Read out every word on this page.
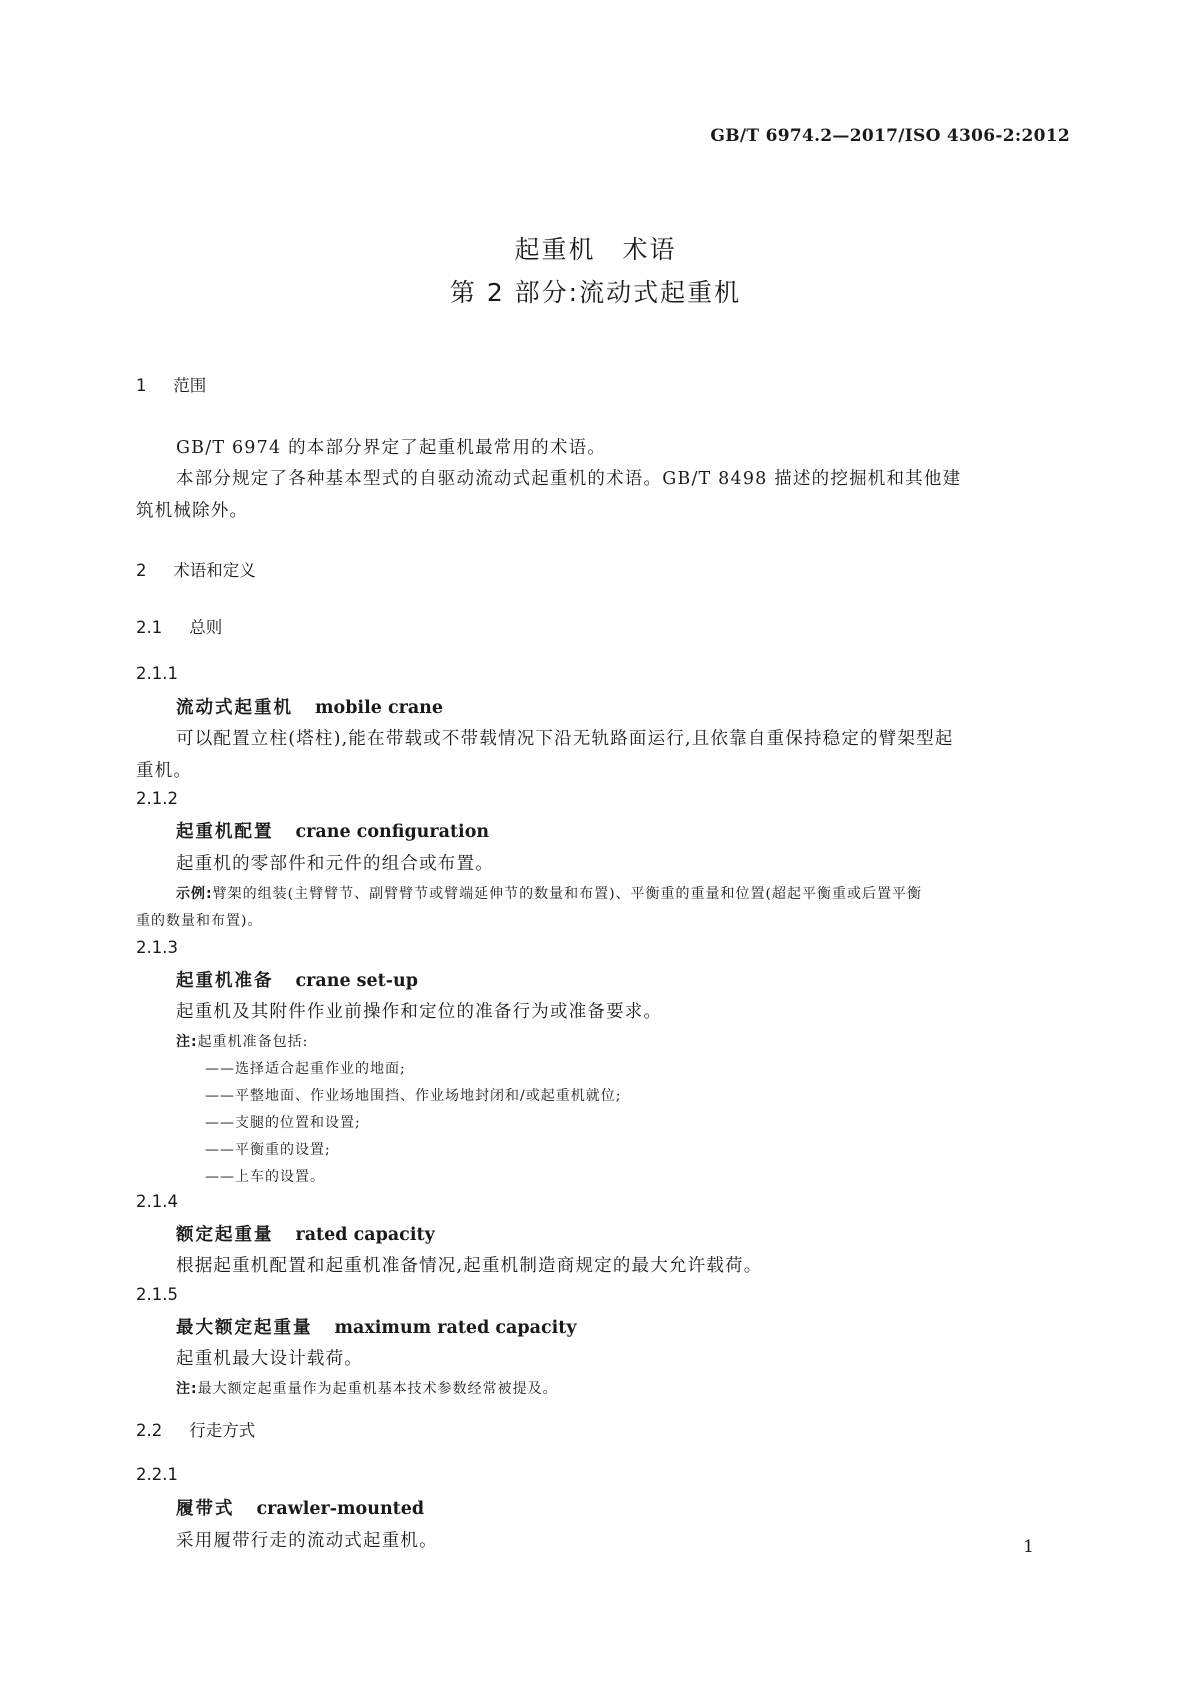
GB/T 6974.2—2017/ISO 4306-2:2012
起重机　术语
第 2 部分:流动式起重机
1 范围
GB/T 6974 的本部分界定了起重机最常用的术语。
本部分规定了各种基本型式的自驱动流动式起重机的术语。GB/T 8498 描述的挖掘机和其他建
筑机械除外。
2 术语和定义
2.1 总则
2.1.1
流动式起重机 mobile crane
可以配置立柱(塔柱),能在带载或不带载情况下沿无轨路面运行,且依靠自重保持稳定的臂架型起
重机。
2.1.2
起重机配置 crane configuration
起重机的零部件和元件的组合或布置。
示例:臂架的组装(主臂臂节、副臂臂节或臂端延伸节的数量和布置)、平衡重的重量和位置(超起平衡重或后置平衡
重的数量和布置)。
2.1.3
起重机准备 crane set-up
起重机及其附件作业前操作和定位的准备行为或准备要求。
注:起重机准备包括:
——选择适合起重作业的地面;
——平整地面、作业场地围挡、作业场地封闭和/或起重机就位;
——支腿的位置和设置;
——平衡重的设置;
——上车的设置。
2.1.4
额定起重量 rated capacity
根据起重机配置和起重机准备情况,起重机制造商规定的最大允许载荷。
2.1.5
最大额定起重量 maximum rated capacity
起重机最大设计载荷。
注:最大额定起重量作为起重机基本技术参数经常被提及。
2.2 行走方式
2.2.1
履带式 crawler-mounted
采用履带行走的流动式起重机。	1
